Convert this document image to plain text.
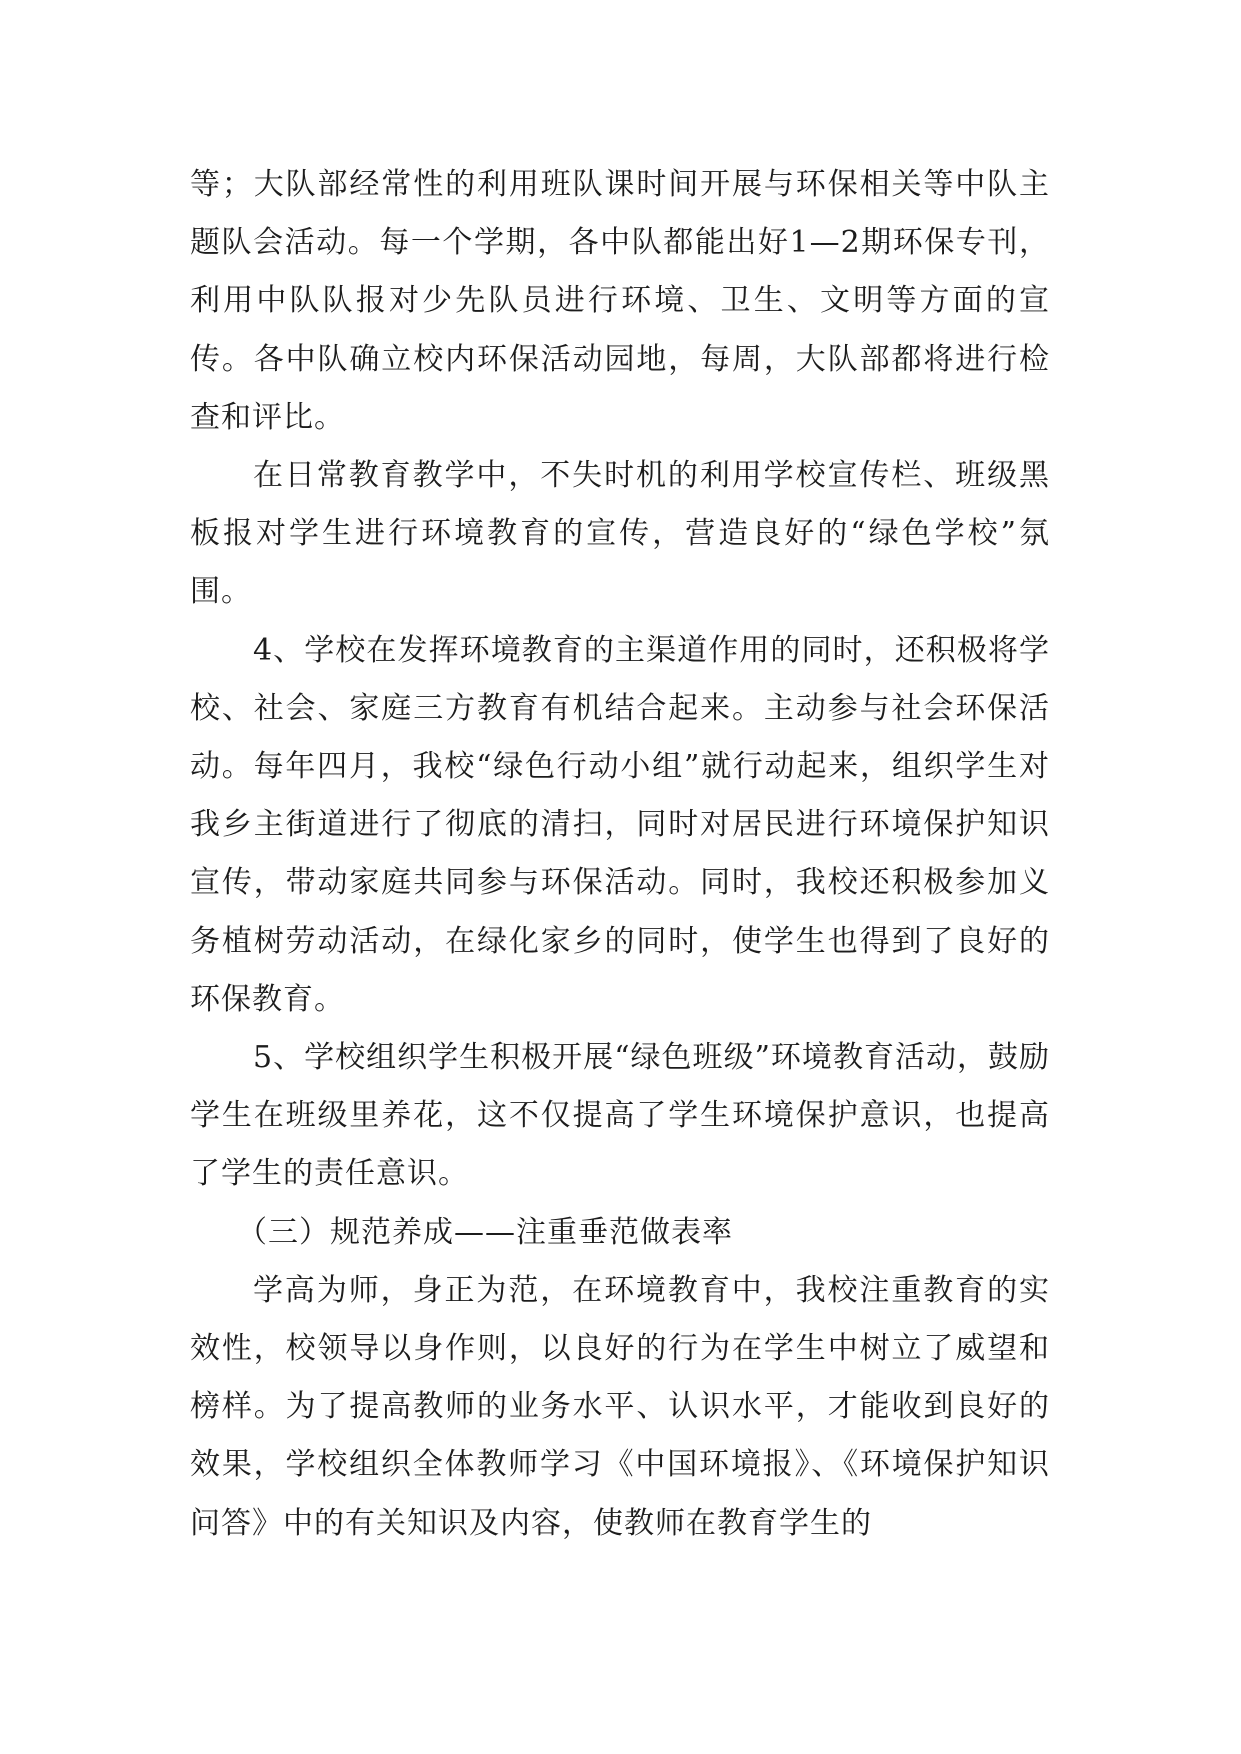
等；大队部经常性的利用班队课时间开展与环保相关等中队主题队会活动。每一个学期，各中队都能出好1—2期环保专刊，利用中队队报对少先队员进行环境、卫生、文明等方面的宣传。各中队确立校内环保活动园地，每周，大队部都将进行检查和评比。

在日常教育教学中，不失时机的利用学校宣传栏、班级黑板报对学生进行环境教育的宣传，营造良好的“绿色学校”氛围。

4、学校在发挥环境教育的主渠道作用的同时，还积极将学校、社会、家庭三方教育有机结合起来。主动参与社会环保活动。每年四月，我校“绿色行动小组”就行动起来，组织学生对我乡主街道进行了彻底的清扫，同时对居民进行环境保护知识宣传，带动家庭共同参与环保活动。同时，我校还积极参加义务植树劳动活动，在绿化家乡的同时，使学生也得到了良好的环保教育。

5、学校组织学生积极开展“绿色班级”环境教育活动，鼓励学生在班级里养花，这不仅提高了学生环境保护意识，也提高了学生的责任意识。

（三）规范养成——注重垂范做表率

学高为师，身正为范，在环境教育中，我校注重教育的实效性，校领导以身作则，以良好的行为在学生中树立了威望和榜样。为了提高教师的业务水平、认识水平，才能收到良好的效果，学校组织全体教师学习《中国环境报》、《环境保护知识问答》中的有关知识及内容，使教师在教育学生的
